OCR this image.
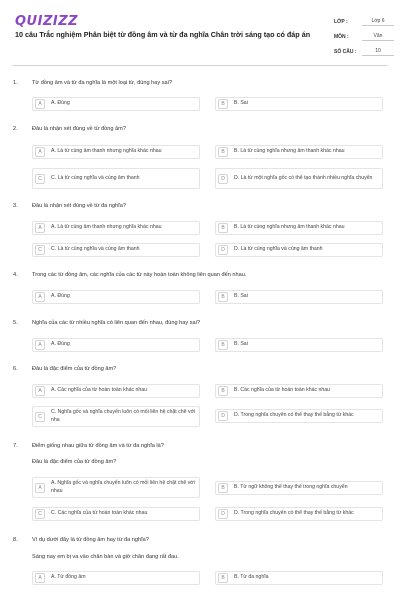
QUIZIZZ
10 câu Trắc nghiệm Phân biệt từ đồng âm và từ đa nghĩa Chân trời sáng tạo có đáp án
LỚP :	Lớp 6
MÔN :	Văn
SỐ CÂU :	10
1.	Từ đồng âm và từ đa nghĩa là một loại từ, đúng hay sai?
A	A. Đúng	B	B. Sai
2.	Đâu là nhận xét đúng về từ đồng âm?
A	A. Là từ cùng âm thanh nhưng nghĩa khác nhau	B	B. Là từ cùng nghĩa nhưng âm thanh khác nhau
C	C. Là từ cùng nghĩa và cùng âm thanh	D	D. Là từ một nghĩa gốc có thể tạo thành nhiều nghĩa chuyển
3.	Đâu là nhận xét đúng về từ đa nghĩa?
A	A. Là từ cùng âm thanh nhưng nghĩa khác nhau	B	B. Là từ cùng nghĩa nhưng âm thanh khác nhau
C	C. Là từ cùng nghĩa và cùng âm thanh	D	D. Là từ cùng nghĩa và cùng âm thanh
4.	Trong các từ đồng âm, các nghĩa của các từ này hoàn toàn không liên quan đến nhau.
A	A. Đúng	B	B. Sai
5.	Nghĩa của các từ nhiều nghĩa có liên quan đến nhau, đúng hay sai?
A	A. Đúng	B	B. Sai
6.	Đâu là đặc điểm của từ đồng âm?
A	A. Các nghĩa của từ hoàn toàn khác nhau	B	B. Các nghĩa của từ hoàn toàn khác nhau
C
C. Nghĩa gốc và nghĩa chuyển luôn có mối liên hệ chặt chẽ với nha
D	D. Trong nghĩa chuyển có thể thay thế bằng từ khác
7.	Điểm giống nhau giữa từ đồng âm và từ đa nghĩa là?
Đâu là đặc điểm của từ đồng âm?
A
A. Nghĩa gốc và nghĩa chuyển luôn có mối liên hệ chặt chẽ với nhau	B	B. Từ ngữ không thể thay thế trong nghĩa chuyển
C	C. Các nghĩa của từ hoàn toàn khác nhau	D	D. Trong nghĩa chuyển có thể thay thế bằng từ khác
8.	Ví dụ dưới đây là từ đồng âm hay từ đa nghĩa?
Sáng nay em bị va vào chân bàn và giờ chân đang rất đau.
A	A. Từ đồng âm	B	B. Từ đa nghĩa
